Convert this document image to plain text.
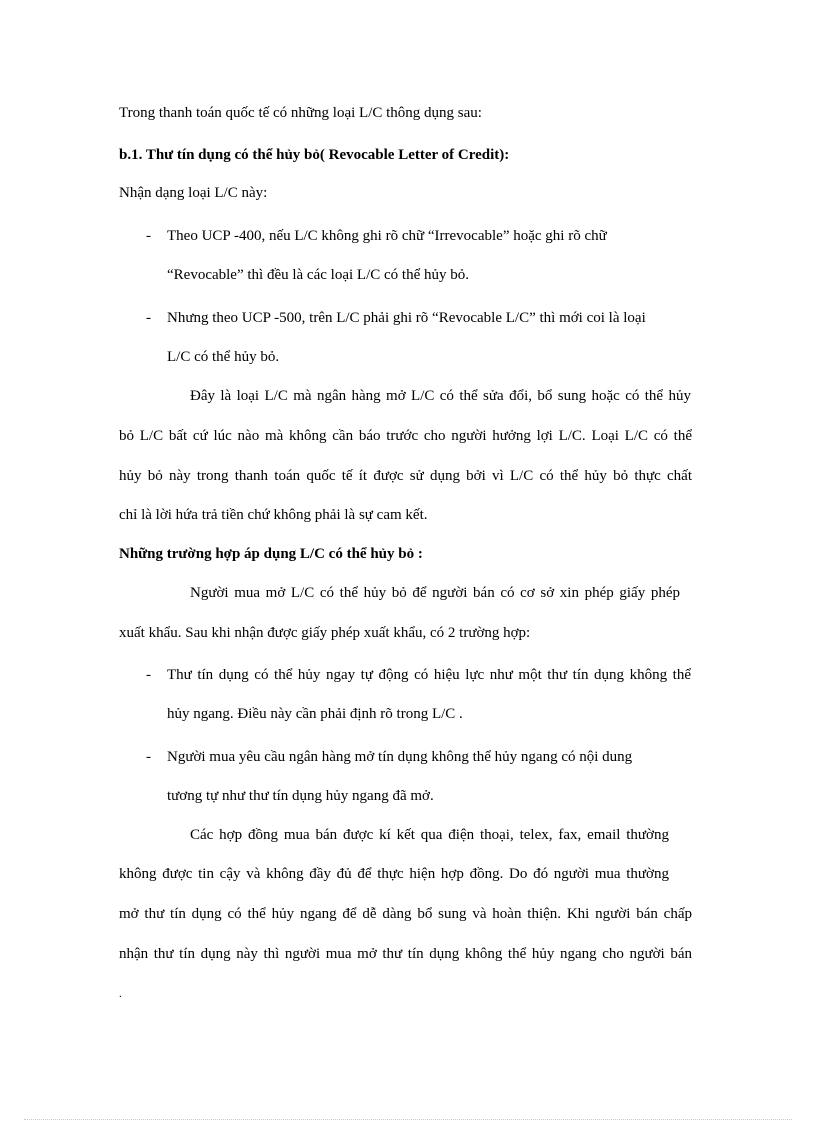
Trong thanh toán quốc tế có những loại L/C thông dụng sau:
b.1. Thư tín dụng có thể hủy bỏ( Revocable Letter of Credit):
Nhận dạng loại L/C này:
- Theo UCP -400, nếu L/C không ghi rõ chữ “Irrevocable” hoặc ghi rõ chữ
“Revocable” thì đều là các loại L/C có thể hủy bỏ.
- Nhưng theo UCP -500, trên L/C phải ghi rõ “Revocable L/C” thì mới coi là loại
L/C có thể hủy bỏ.
Đây là loại L/C mà ngân hàng mở L/C có thể sửa đổi, bổ sung hoặc có thể hủy
bỏ L/C bất cứ lúc nào mà không cần báo trước cho người hưởng lợi L/C. Loại L/C có thể
hủy bỏ này trong thanh toán quốc tế ít được sử dụng bởi vì L/C có thể hủy bỏ thực chất
chỉ là lời hứa trả tiền chứ không phải là sự cam kết.
Những trường hợp áp dụng L/C có thể hủy bỏ :
Người mua mở L/C có thể hủy bỏ để người bán có cơ sở xin phép giấy phép
xuất khẩu. Sau khi nhận được giấy phép xuất khẩu, có 2 trường hợp:
- Thư tín dụng có thể hủy ngay tự động có hiệu lực như một thư tín dụng không thể
hủy ngang. Điều này cần phải định rõ trong L/C .
- Người mua yêu cầu ngân hàng mở tín dụng không thể hủy ngang có nội dung
tương tự như thư tín dụng hủy ngang đã mở.
Các hợp đồng mua bán được kí kết qua điện thoại, telex, fax, email thường
không được tin cậy và không đầy đủ để thực hiện hợp đồng. Do đó người mua thường
mở thư tín dụng có thể hủy ngang để dễ dàng bổ sung và hoàn thiện. Khi người bán chấp
nhận thư tín dụng này thì người mua mở thư tín dụng không thể hủy ngang cho người bán
.
